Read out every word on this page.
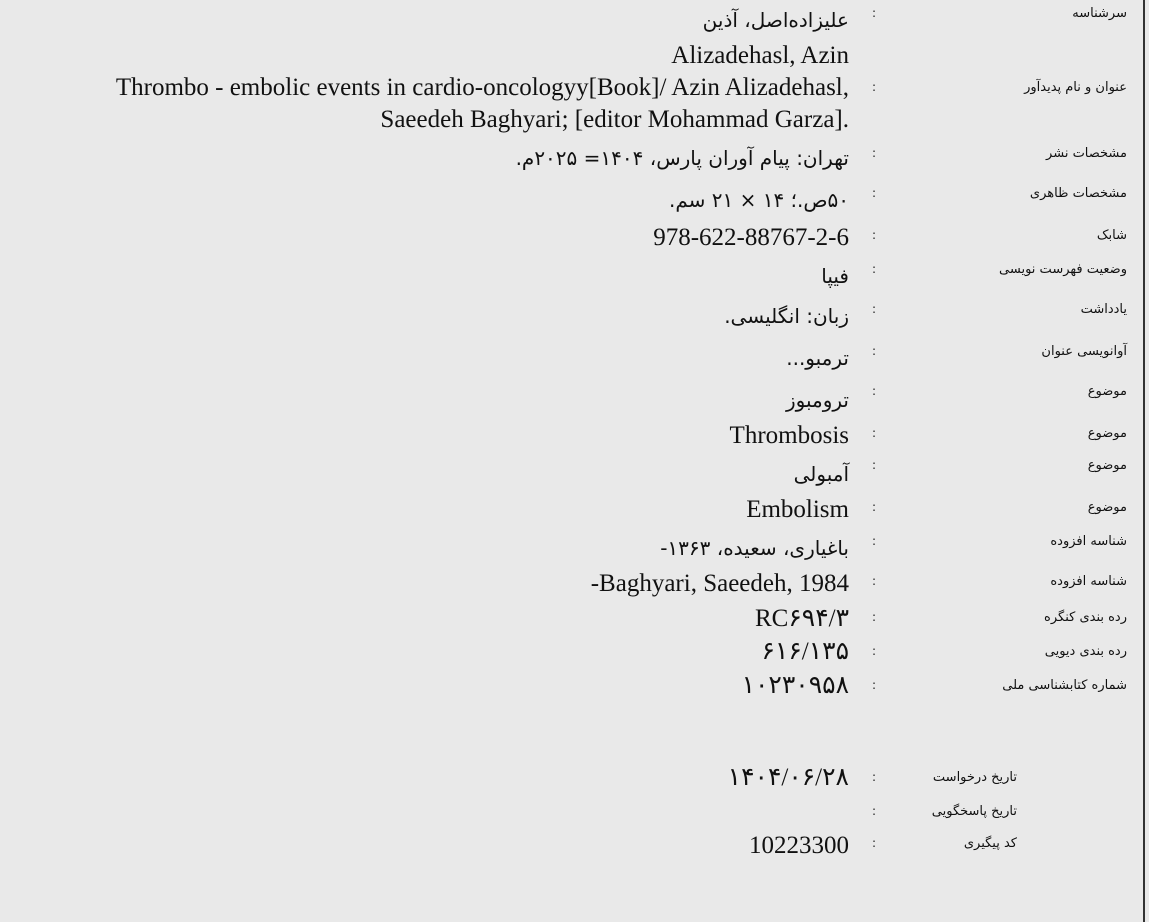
سرشناسه
:
علیزاده‌اصل، آذین
Alizadehasl, Azin
عنوان و نام پدیدآور
:
Thrombo - embolic events in cardio-oncologyy[Book]/ Azin Alizadehasl, Saeedeh Baghyari; [editor Mohammad Garza].
مشخصات نشر
:
تهران: پیام آوران پارس، ۱۴۰۴= ۲۰۲۵م.
مشخصات ظاهری
:
۵۰ص.؛ ۱۴ × ۲۱ سم.
شابک
:
978-622-88767-2-6
وضعیت فهرست نویسی
:
فیپا
یادداشت
:
زبان: انگلیسی.
آوانویسی عنوان
:
ترمبو...
موضوع
:
ترومبوز
موضوع
:
Thrombosis
موضوع
:
آمبولی
موضوع
:
Embolism
شناسه افزوده
:
باغیاری، سعیده، ۱۳۶۳-
شناسه افزوده
:
-Baghyari, Saeedeh, 1984
رده بندی کنگره
:
RC۶۹۴/۳
رده بندی دیویی
:
۶۱۶/۱۳۵
شماره کتابشناسی ملی
:
۱۰۲۳۰۹۵۸
تاریخ درخواست
:
۱۴۰۴/۰۶/۲۸
تاریخ پاسخگویی
:
کد پیگیری
:
10223300
